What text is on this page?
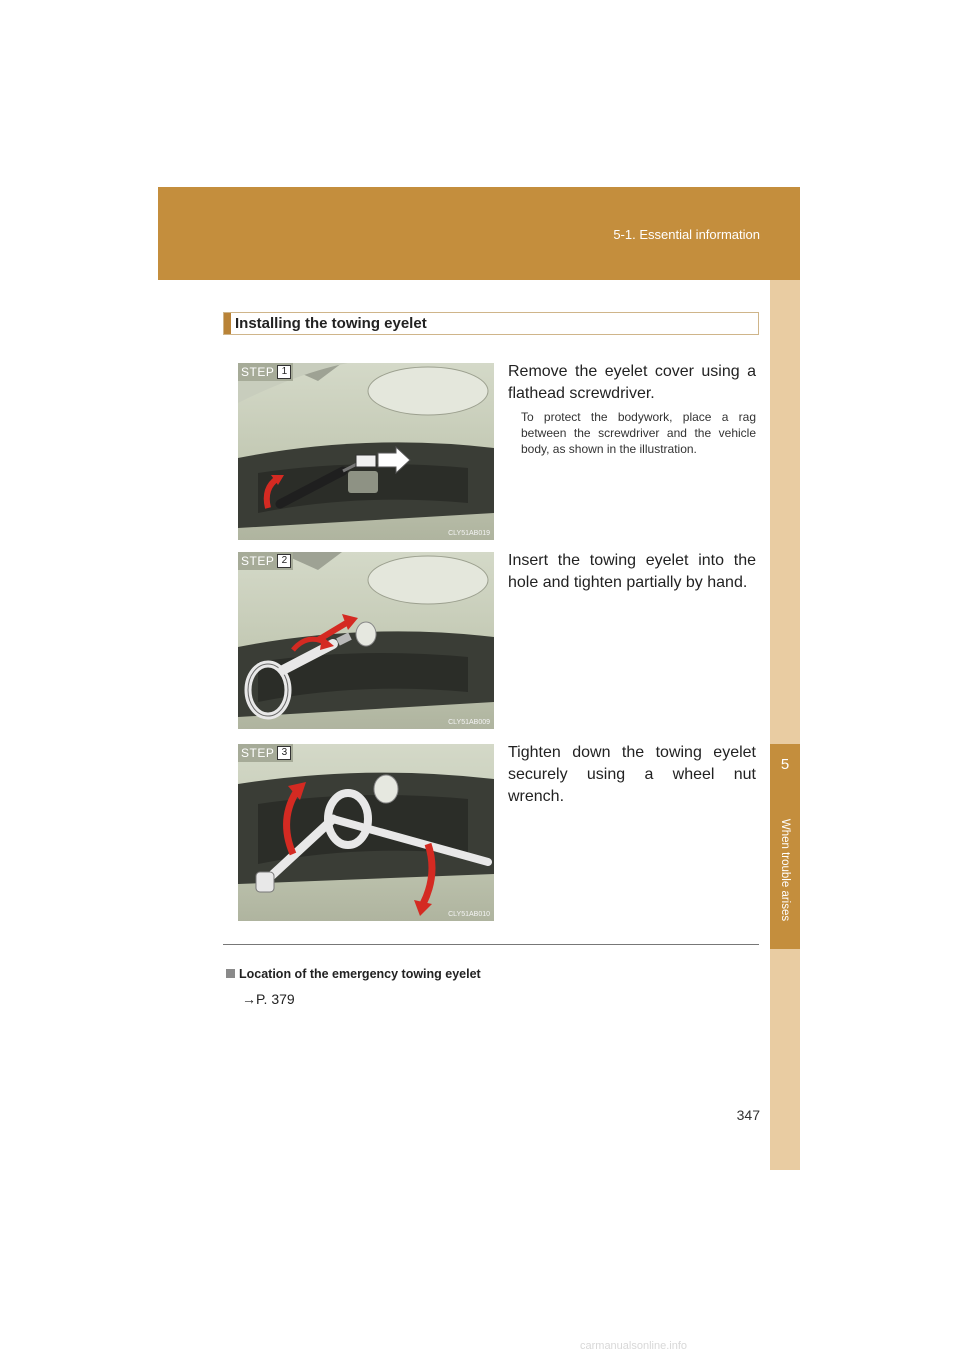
5-1. Essential information
5
When trouble arises
Installing the towing eyelet
STEP 1
CLY51AB019
Remove the eyelet cover using a flathead screwdriver.
To protect the bodywork, place a rag between the screwdriver and the vehicle body, as shown in the illustration.
STEP 2
CLY51AB009
Insert the towing eyelet into the hole and tighten partially by hand.
STEP 3
CLY51AB010
Tighten down the towing eyelet securely using a wheel nut wrench.
Location of the emergency towing eyelet
→P. 379
347
carmanualsonline.info
